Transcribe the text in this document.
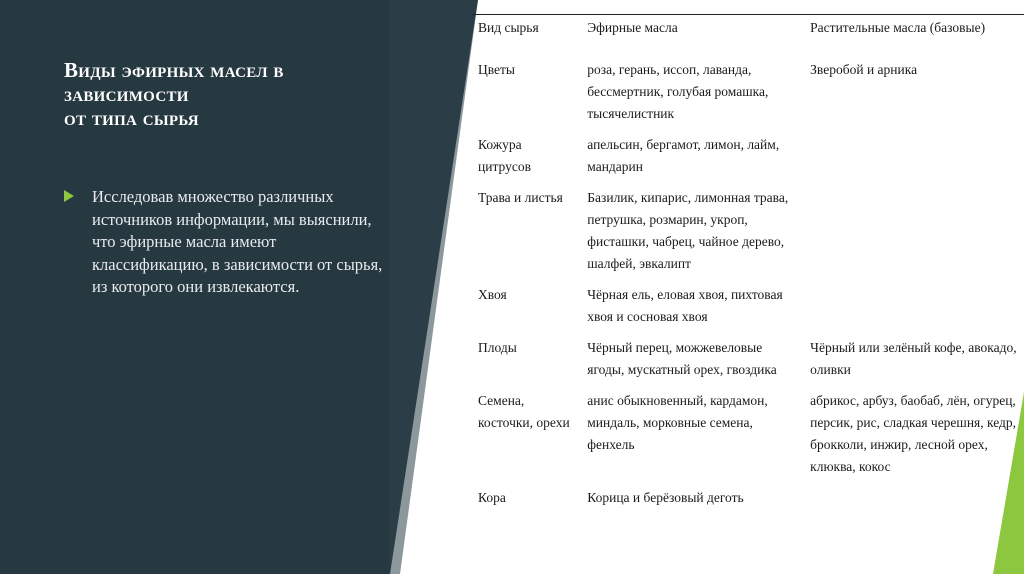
Виды эфирных масел в
зависимости
от типа сырья
Исследовав множество различных источников информации, мы выяснили, что эфирные масла имеют классификацию, в зависимости от сырья, из которого они извлекаются.
Вид сырья	Эфирные масла	Растительные масла (базовые)
Цветы	роза, герань, иссоп, лаванда, бессмертник, голубая ромашка, тысячелистник	Зверобой и арника
Кожура цитрусов	апельсин, бергамот, лимон, лайм, мандарин	
Трава и листья	Базилик, кипарис, лимонная трава, петрушка, розмарин, укроп, фисташки, чабрец, чайное дерево, шалфей, эвкалипт	
Хвоя	Чёрная ель, еловая хвоя, пихтовая хвоя и сосновая хвоя	
Плоды	Чёрный перец, можжевеловые ягоды, мускатный орех, гвоздика	Чёрный или зелёный кофе, авокадо, оливки
Семена, косточки, орехи	анис обыкновенный, кардамон, миндаль, морковные семена, фенхель	абрикос, арбуз, баобаб, лён, огурец, персик, рис, сладкая черешня, кедр, брокколи, инжир, лесной орех, клюква, кокос
Кора	Корица и берёзовый деготь	
